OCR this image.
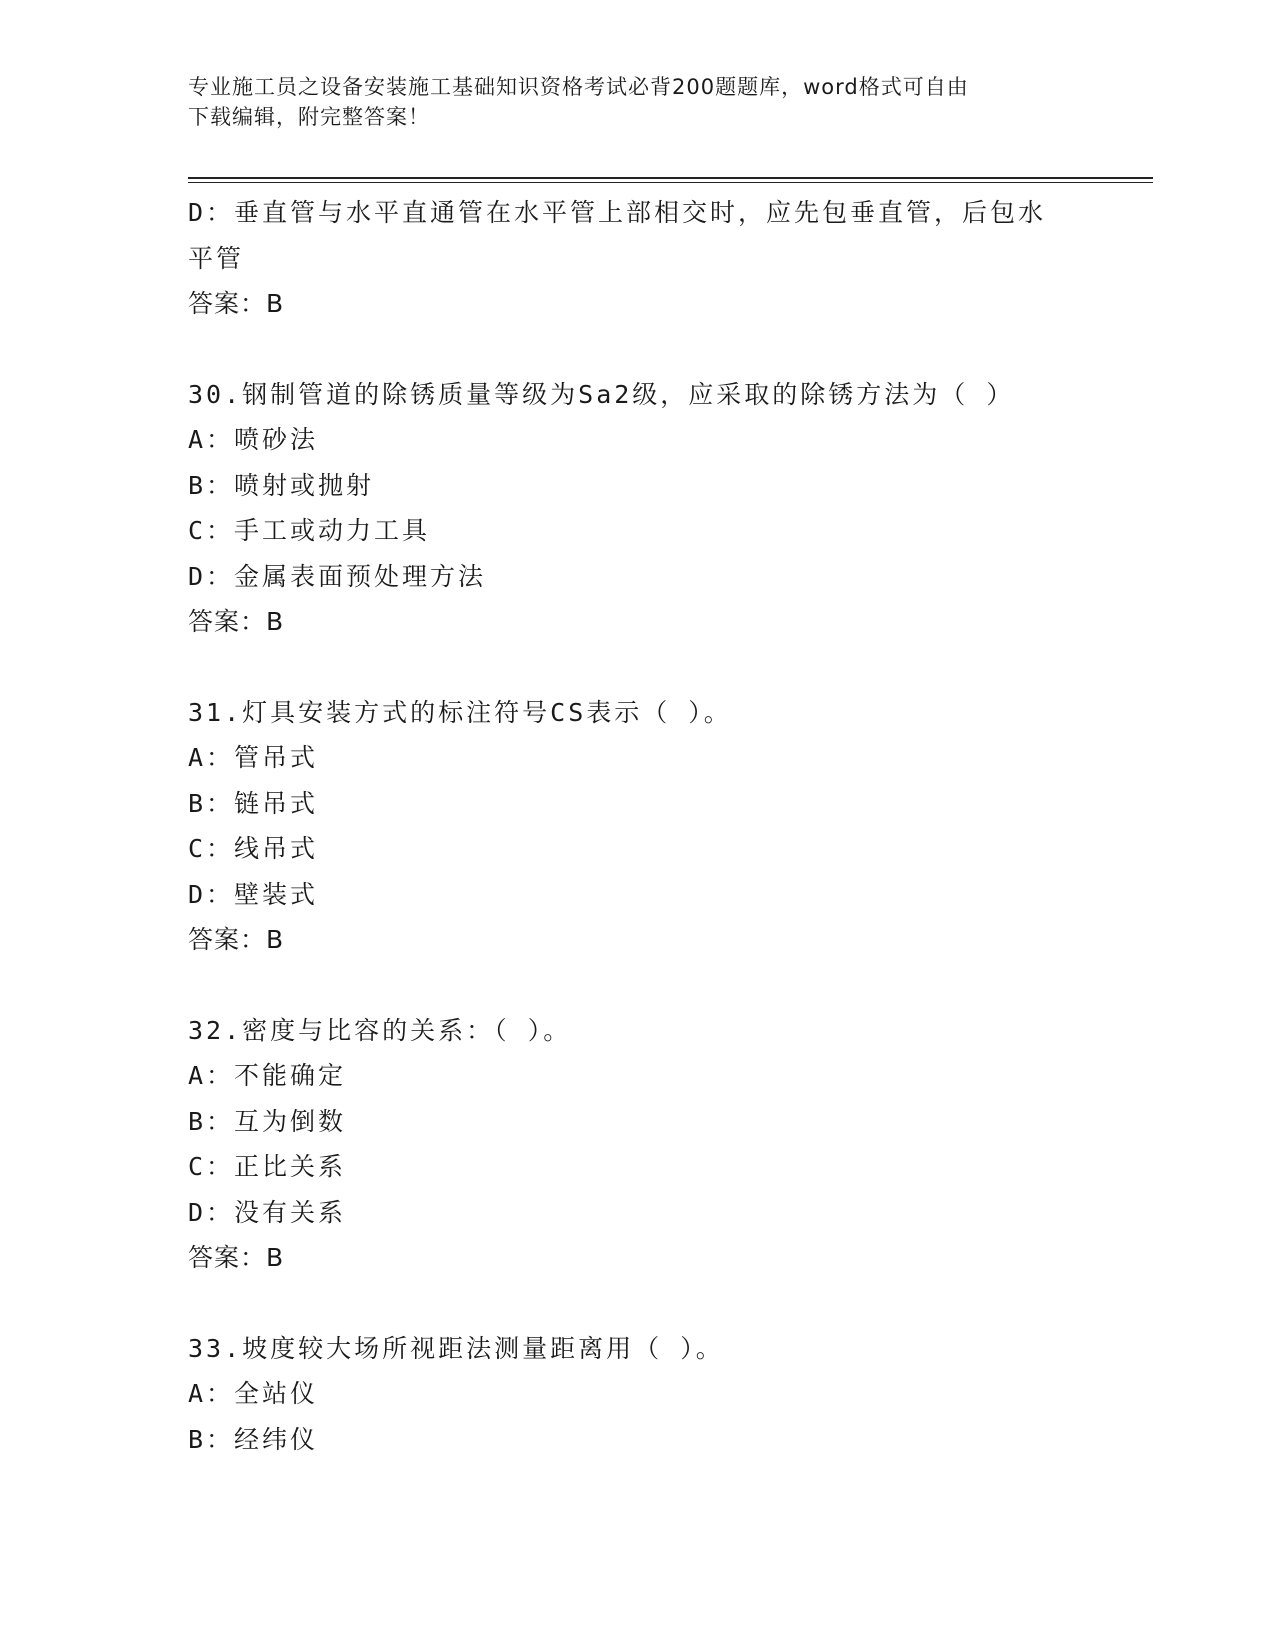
专业施工员之设备安装施工基础知识资格考试必背200题题库，word格式可自由
下载编辑，附完整答案！
D：垂直管与水平直通管在水平管上部相交时，应先包垂直管，后包水
平管
答案：B
30.钢制管道的除锈质量等级为Sa2级，应采取的除锈方法为（ ）
A：喷砂法
B：喷射或抛射
C：手工或动力工具
D：金属表面预处理方法
答案：B
31.灯具安装方式的标注符号CS表示（ ）。
A：管吊式
B：链吊式
C：线吊式
D：壁装式
答案：B
32.密度与比容的关系：（ ）。
A：不能确定
B：互为倒数
C：正比关系
D：没有关系
答案：B
33.坡度较大场所视距法测量距离用（ ）。
A：全站仪
B：经纬仪
